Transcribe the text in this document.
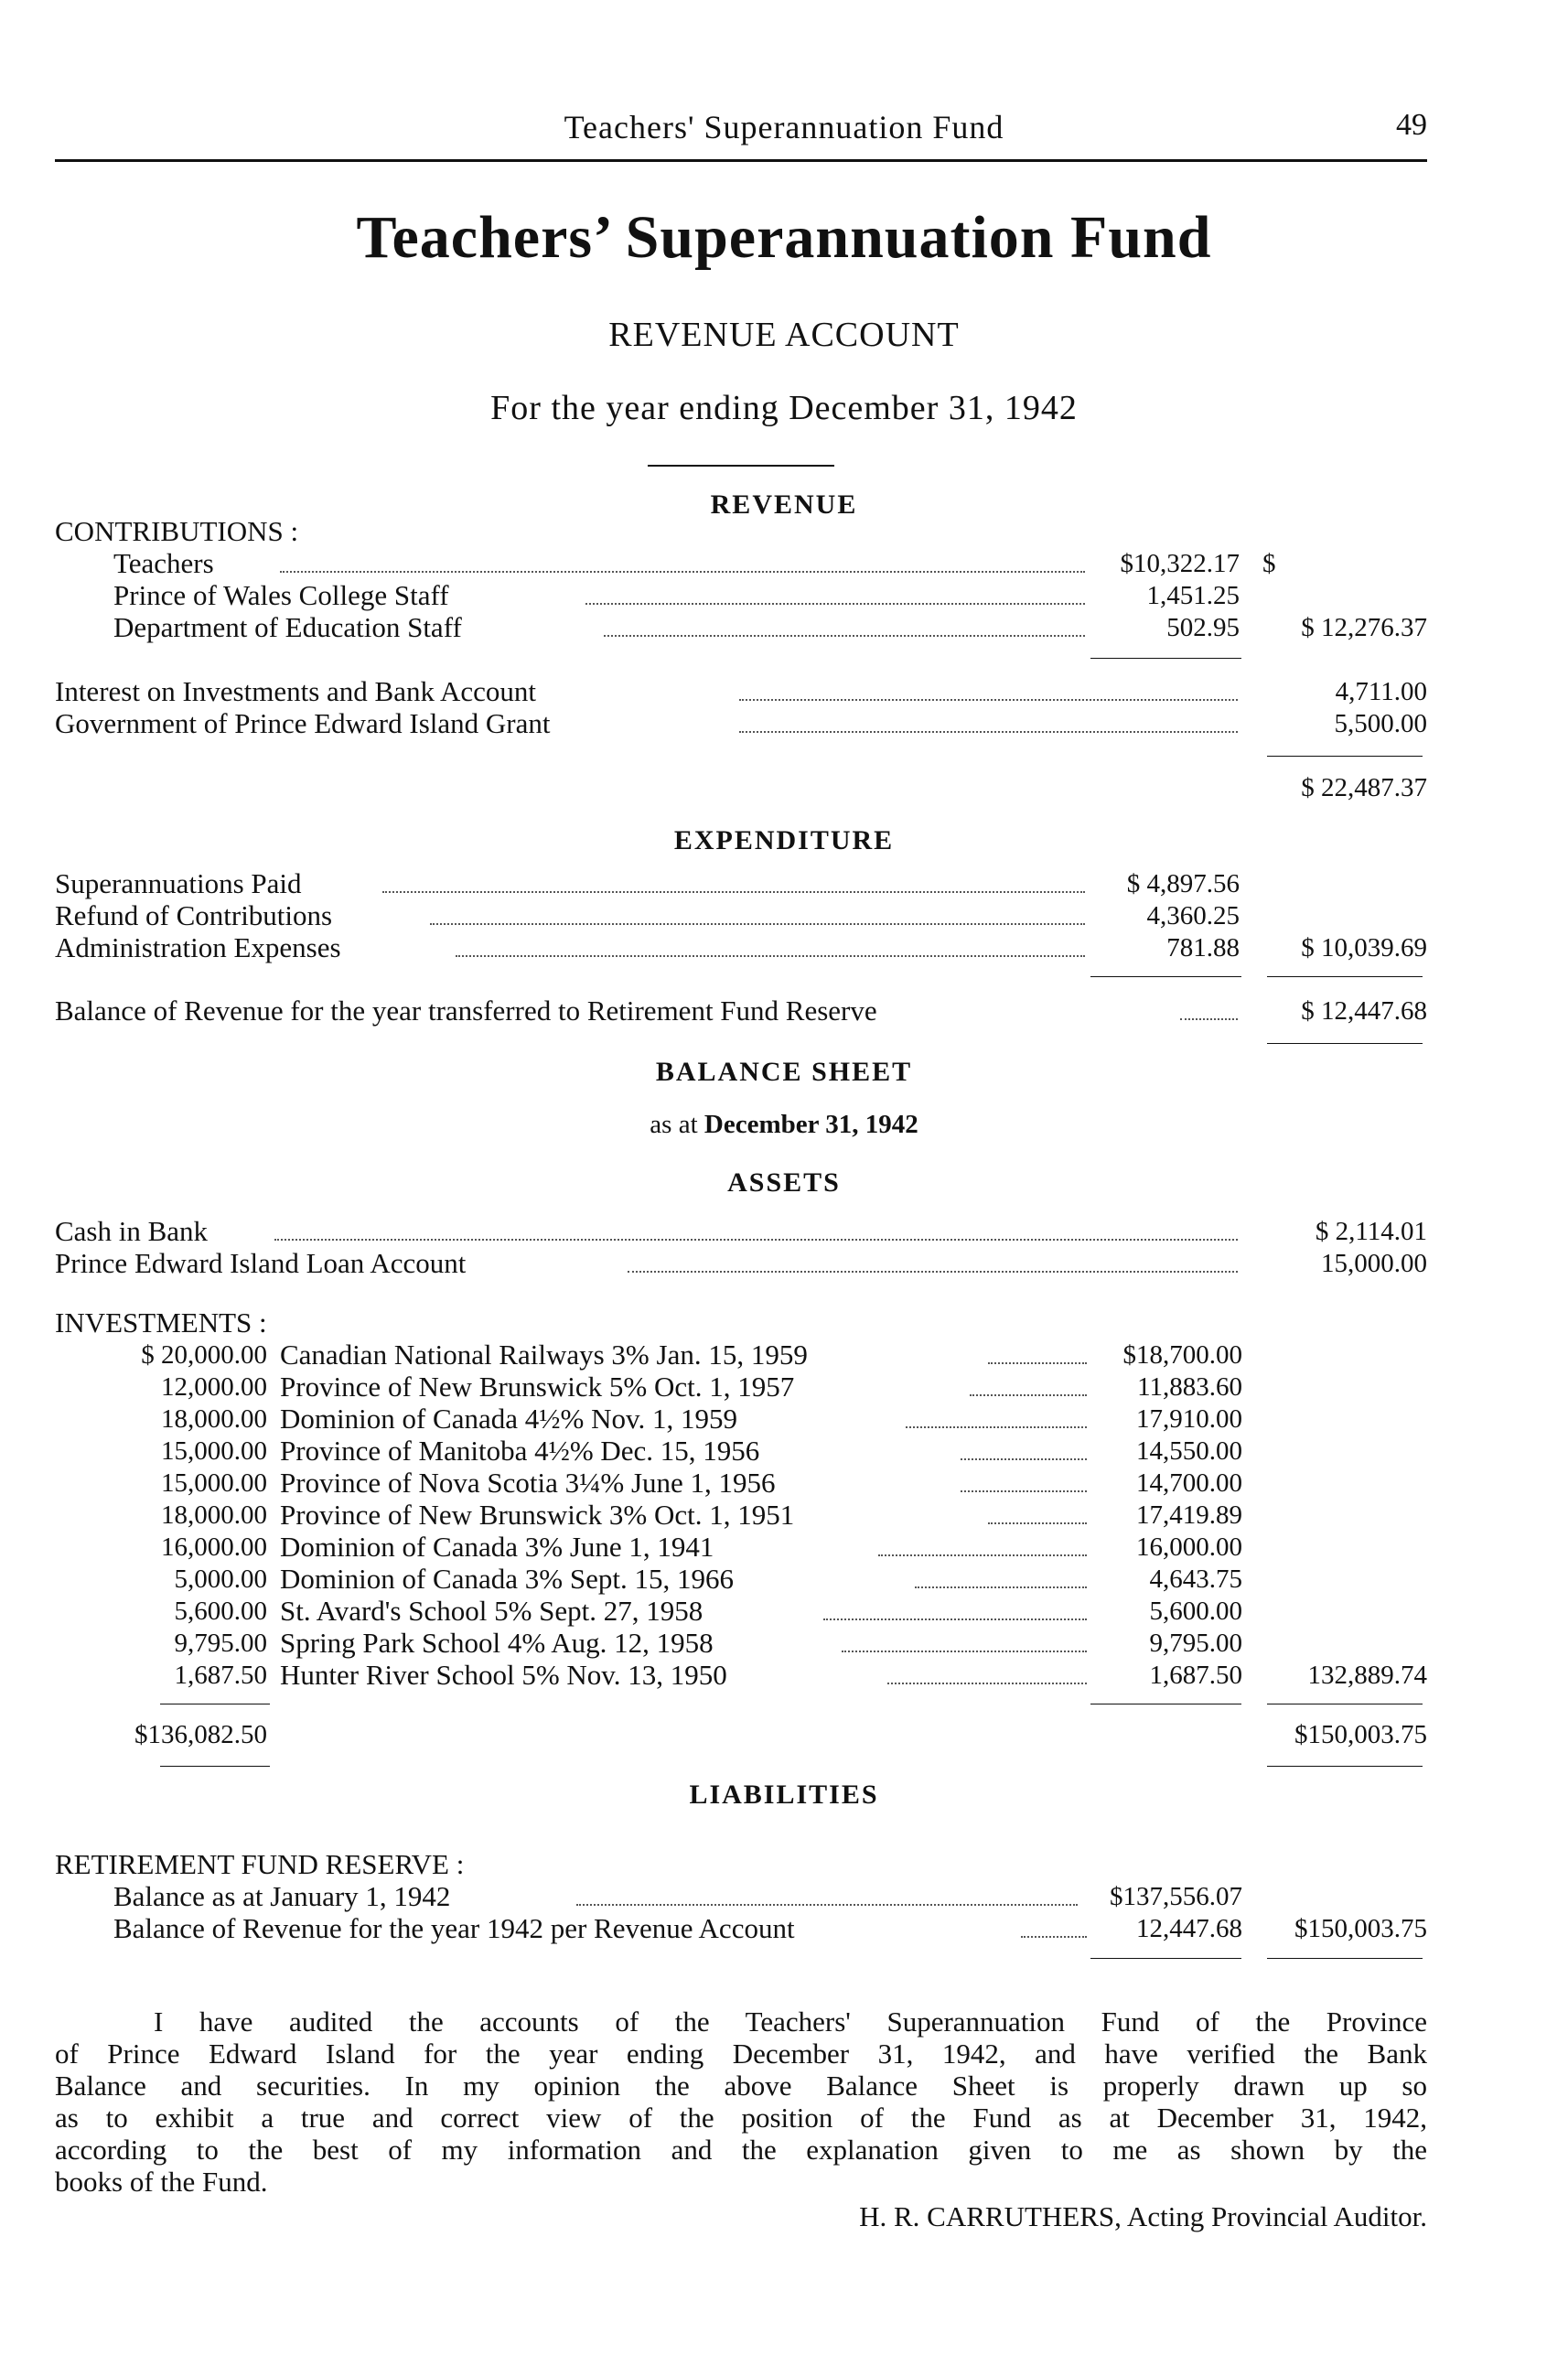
Teachers' Superannuation Fund	49
Teachers’ Superannuation Fund
REVENUE ACCOUNT
For the year ending December 31, 1942
REVENUE
CONTRIBUTIONS :
Teachers	$10,322.17 $
Prince of Wales College Staff	1,451.25
Department of Education Staff	502.95	$ 12,276.37
Interest on Investments and Bank Account	4,711.00
Government of Prince Edward Island Grant	5,500.00
$ 22,487.37
EXPENDITURE
Superannuations Paid	$ 4,897.56
Refund of Contributions	4,360.25
Administration Expenses	781.88	$ 10,039.69
Balance of Revenue for the year transferred to Retirement Fund Reserve	$ 12,447.68
BALANCE SHEET
as at December 31, 1942
ASSETS
Cash in Bank	$ 2,114.01
Prince Edward Island Loan Account	15,000.00
INVESTMENTS :
$ 20,000.00 Canadian National Railways 3% Jan. 15, 1959	$18,700.00
12,000.00 Province of New Brunswick 5% Oct. 1, 1957	11,883.60
18,000.00 Dominion of Canada 4½% Nov. 1, 1959	17,910.00
15,000.00 Province of Manitoba 4½% Dec. 15, 1956	14,550.00
15,000.00 Province of Nova Scotia 3¼% June 1, 1956	14,700.00
18,000.00 Province of New Brunswick 3% Oct. 1, 1951	17,419.89
16,000.00 Dominion of Canada 3% June 1, 1941	16,000.00
5,000.00 Dominion of Canada 3% Sept. 15, 1966	4,643.75
5,600.00 St. Avard's School 5% Sept. 27, 1958	5,600.00
9,795.00 Spring Park School 4% Aug. 12, 1958	9,795.00
1,687.50 Hunter River School 5% Nov. 13, 1950	1,687.50	132,889.74
$136,082.50	$150,003.75
LIABILITIES
RETIREMENT FUND RESERVE :
Balance as at January 1, 1942	$137,556.07
Balance of Revenue for the year 1942 per Revenue Account	12,447.68	$150,003.75
I have audited the accounts of the Teachers' Superannuation Fund of the Province
of Prince Edward Island for the year ending December 31, 1942, and have verified the Bank
Balance and securities. In my opinion the above Balance Sheet is properly drawn up so
as to exhibit a true and correct view of the position of the Fund as at December 31, 1942,
according to the best of my information and the explanation given to me as shown by the
books of the Fund.
H. R. CARRUTHERS, Acting Provincial Auditor.
